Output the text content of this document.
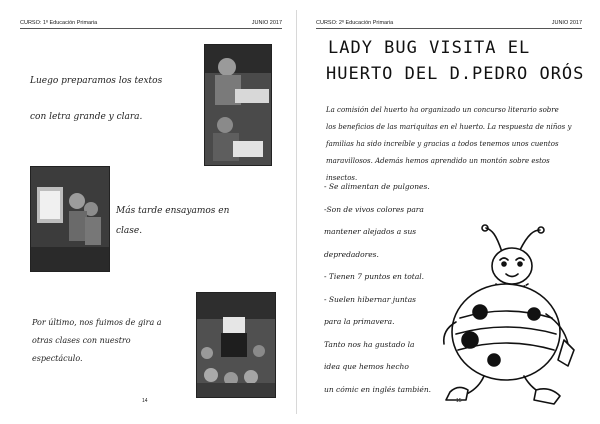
CURSO: 1º Educación Primaria	JUNIO 2017
Luego preparamos los textos
con letra grande y clara.
Más tarde ensayamos en
clase.
Por último, nos fuimos de gira a
otras clases con nuestro
espectáculo.
14
CURSO: 2º Educación Primaria	JUNIO 2017
LADY BUG VISITA EL
HUERTO DEL D.PEDRO ORÓS
La comisión del huerto ha organizado un concurso literario sobre
los beneficios de las mariquitas en el huerto. La respuesta de niños y
familias ha sido increíble y gracias a todos tenemos unos cuentos
maravillosos. Además hemos aprendido un montón sobre estos insectos.
- Se alimentan de pulgones.
-Son de vivos colores para
mantener alejados a sus
depredadores.
- Tienen 7 puntos en total.
- Suelen hibernar juntas
para la primavera.
Tanto nos ha gustado la
idea que hemos hecho
un cómic en inglés también.
15
